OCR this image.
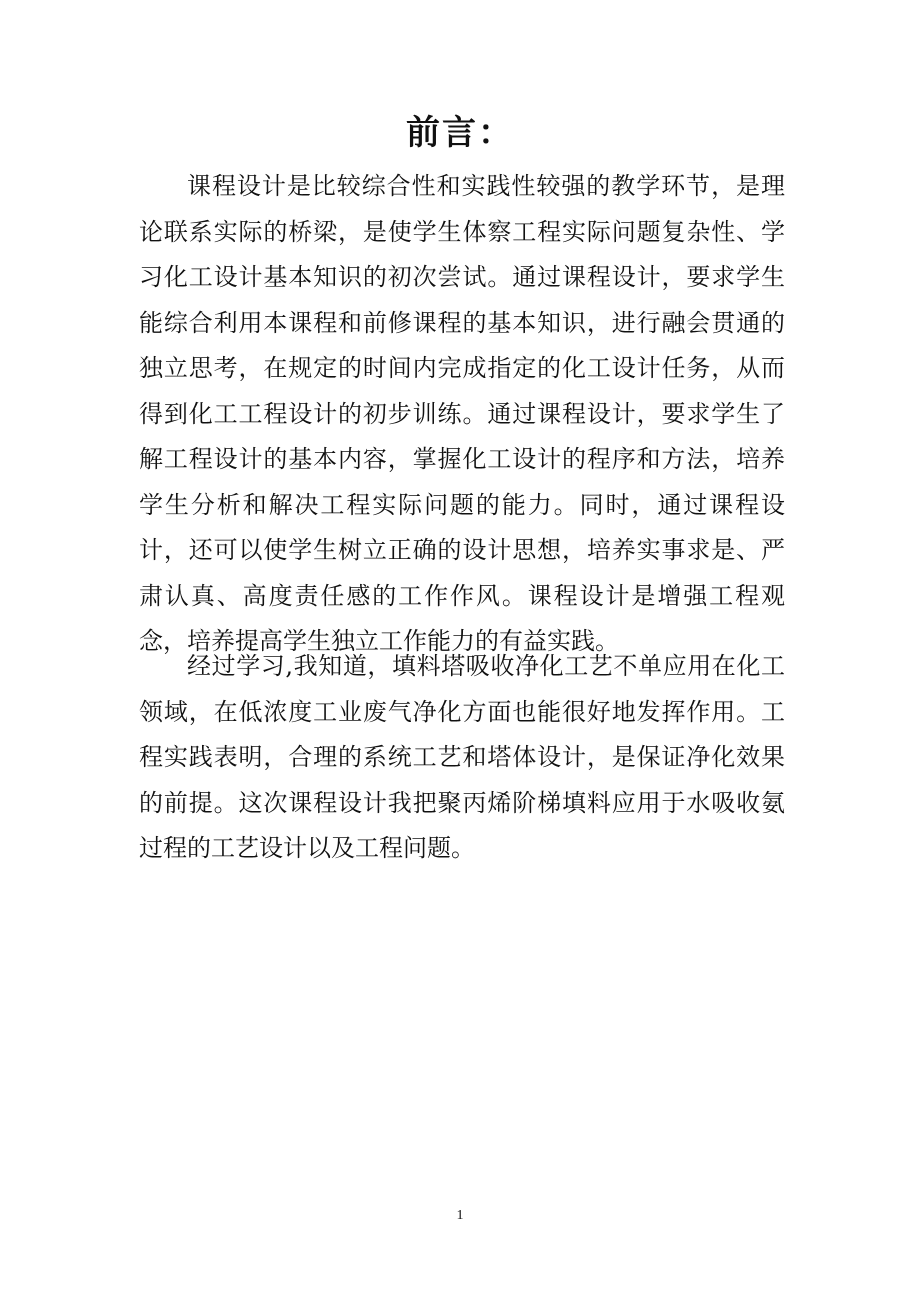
前言：

课程设计是比较综合性和实践性较强的教学环节，是理论联系实际的桥梁，是使学生体察工程实际问题复杂性、学习化工设计基本知识的初次尝试。通过课程设计，要求学生能综合利用本课程和前修课程的基本知识，进行融会贯通的独立思考，在规定的时间内完成指定的化工设计任务，从而得到化工工程设计的初步训练。通过课程设计，要求学生了解工程设计的基本内容，掌握化工设计的程序和方法，培养学生分析和解决工程实际问题的能力。同时，通过课程设计，还可以使学生树立正确的设计思想，培养实事求是、严肃认真、高度责任感的工作作风。课程设计是增强工程观念，培养提高学生独立工作能力的有益实践。

经过学习,我知道，填料塔吸收净化工艺不单应用在化工领域，在低浓度工业废气净化方面也能很好地发挥作用。工程实践表明，合理的系统工艺和塔体设计，是保证净化效果的前提。这次课程设计我把聚丙烯阶梯填料应用于水吸收氨过程的工艺设计以及工程问题。

1
